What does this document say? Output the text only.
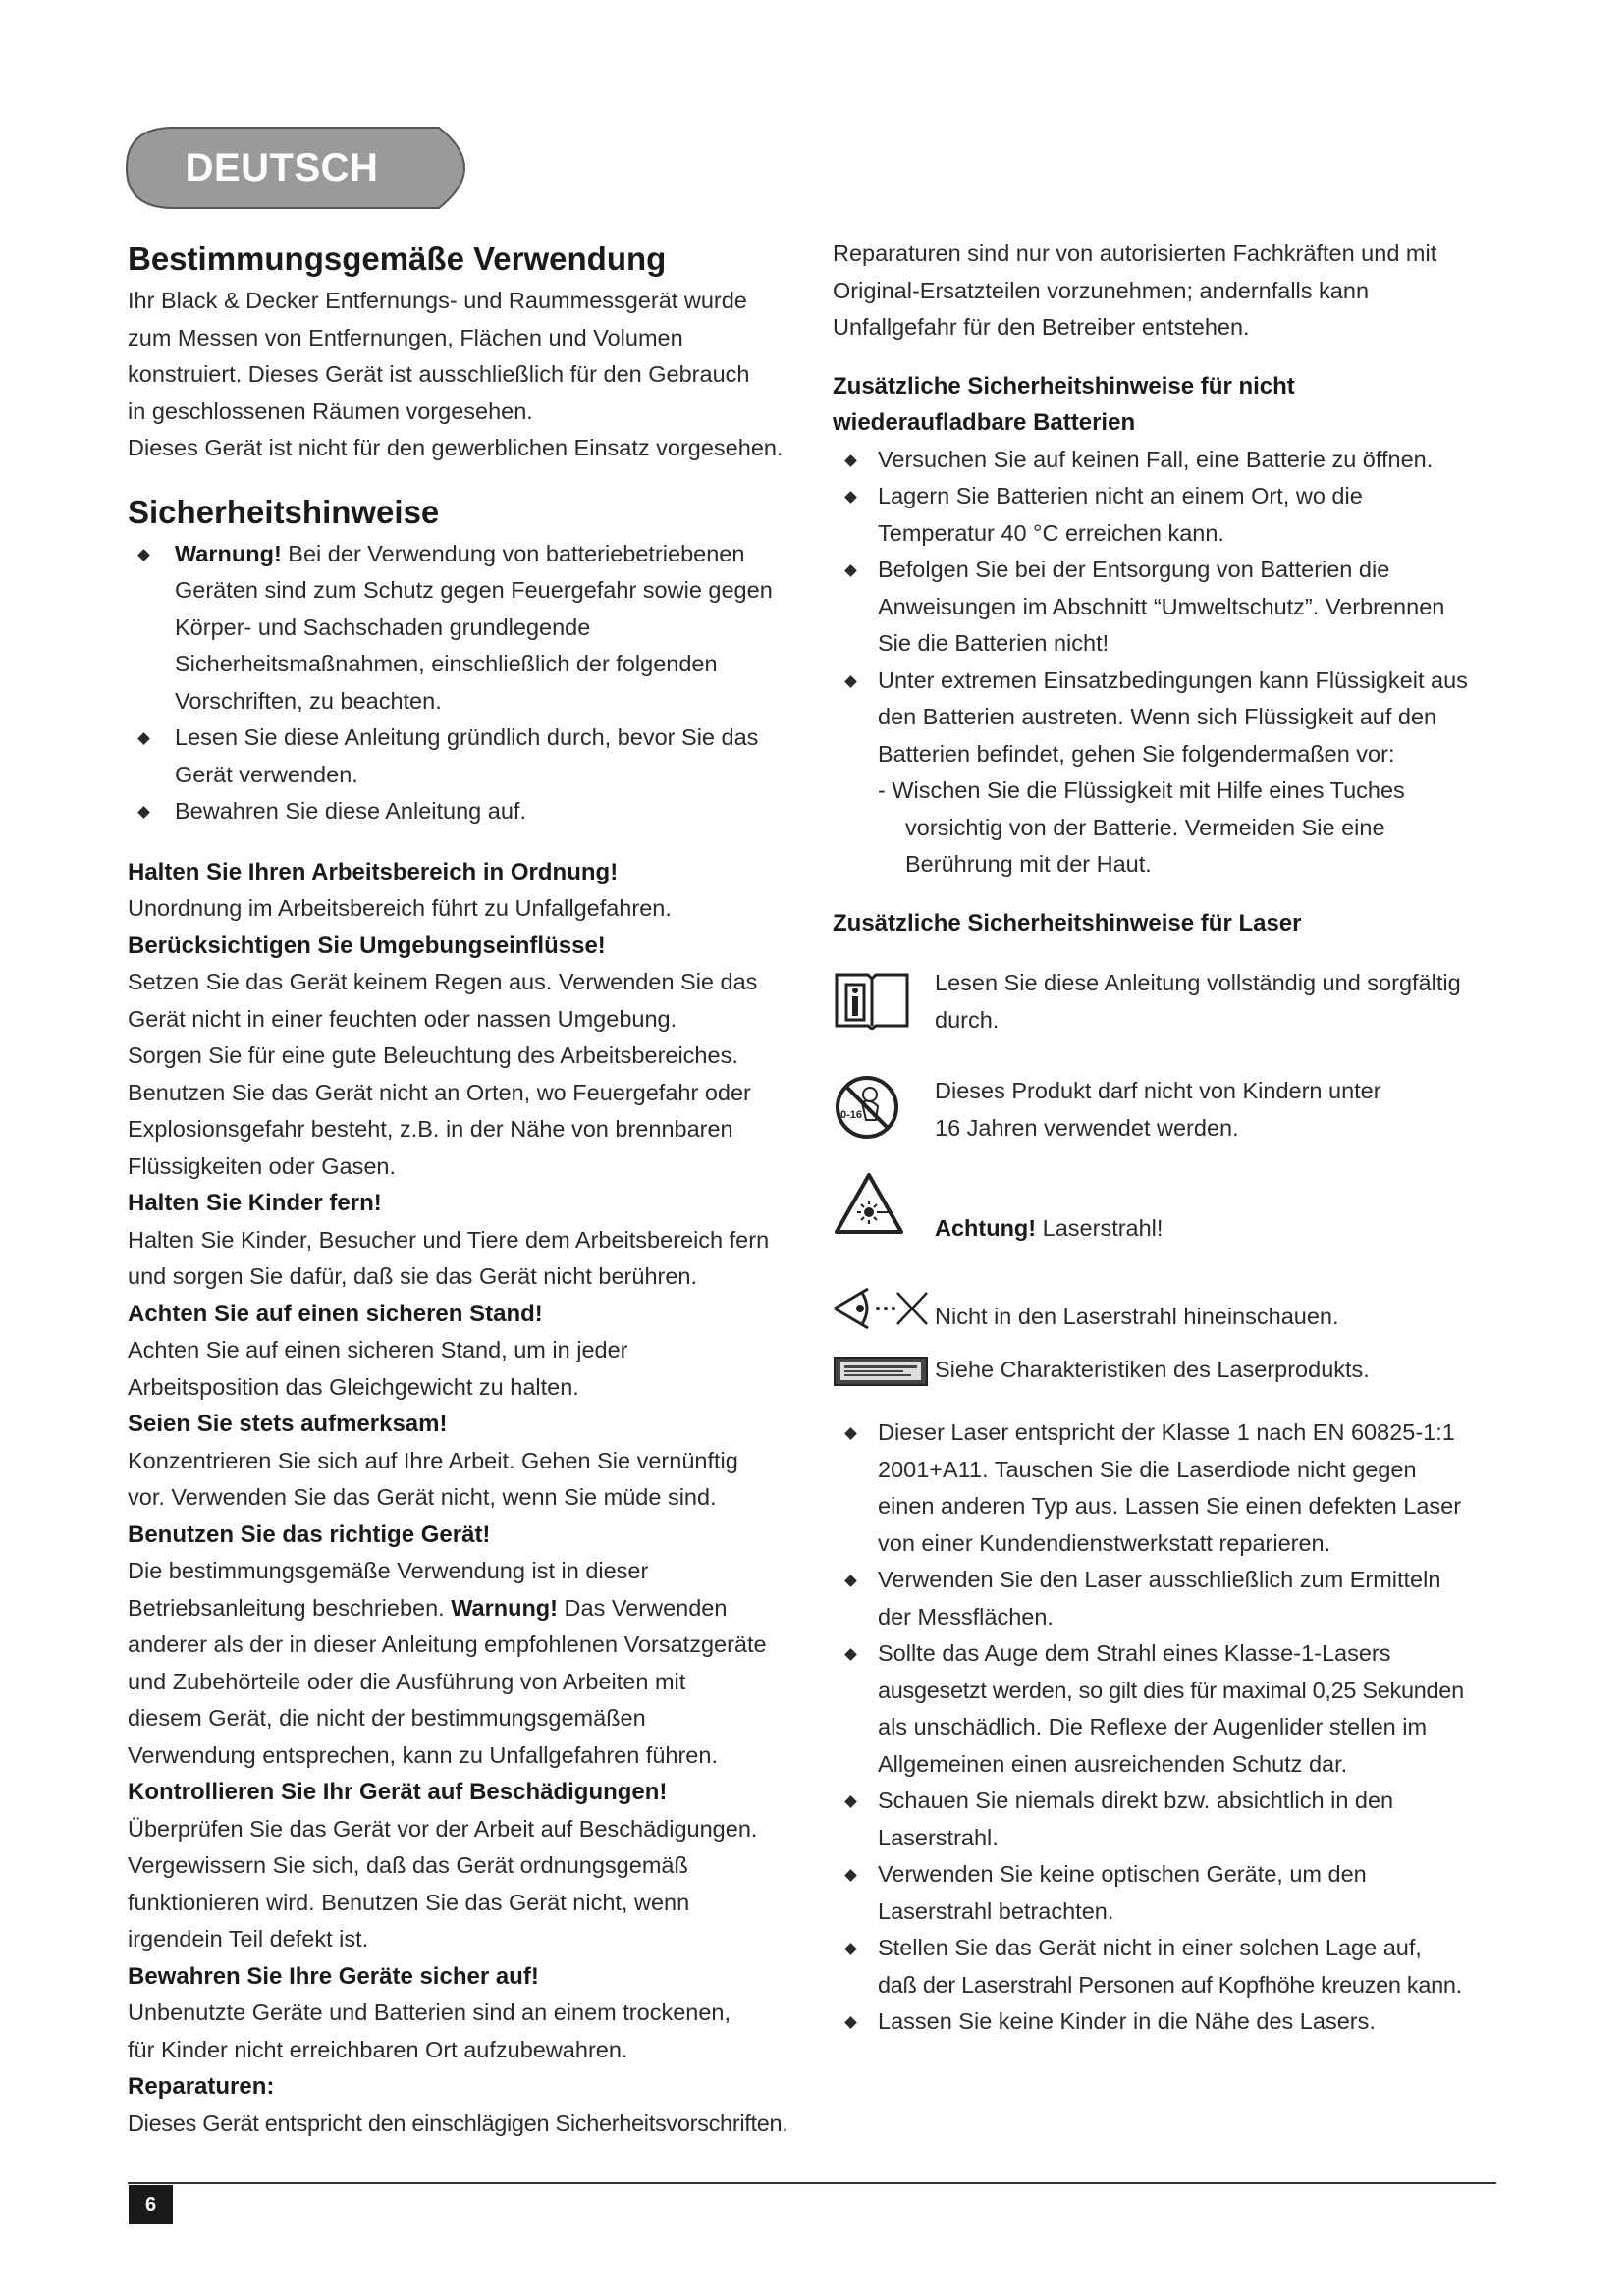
DEUTSCH
Bestimmungsgemäße Verwendung
Ihr Black & Decker Entfernungs- und Raummessgerät wurde
zum Messen von Entfernungen, Flächen und Volumen
konstruiert. Dieses Gerät ist ausschließlich für den Gebrauch
in geschlossenen Räumen vorgesehen.
Dieses Gerät ist nicht für den gewerblichen Einsatz vorgesehen.
Sicherheitshinweise
Warnung! Bei der Verwendung von batteriebetriebenen
Geräten sind zum Schutz gegen Feuergefahr sowie gegen
Körper- und Sachschaden grundlegende
Sicherheitsmaßnahmen, einschließlich der folgenden
Vorschriften, zu beachten.
Lesen Sie diese Anleitung gründlich durch, bevor Sie das
Gerät verwenden.
Bewahren Sie diese Anleitung auf.
Halten Sie Ihren Arbeitsbereich in Ordnung!
Unordnung im Arbeitsbereich führt zu Unfallgefahren.
Berücksichtigen Sie Umgebungseinflüsse!
Setzen Sie das Gerät keinem Regen aus. Verwenden Sie das
Gerät nicht in einer feuchten oder nassen Umgebung.
Sorgen Sie für eine gute Beleuchtung des Arbeitsbereiches.
Benutzen Sie das Gerät nicht an Orten, wo Feuergefahr oder
Explosionsgefahr besteht, z.B. in der Nähe von brennbaren
Flüssigkeiten oder Gasen.
Halten Sie Kinder fern!
Halten Sie Kinder, Besucher und Tiere dem Arbeitsbereich fern
und sorgen Sie dafür, daß sie das Gerät nicht berühren.
Achten Sie auf einen sicheren Stand!
Achten Sie auf einen sicheren Stand, um in jeder
Arbeitsposition das Gleichgewicht zu halten.
Seien Sie stets aufmerksam!
Konzentrieren Sie sich auf Ihre Arbeit. Gehen Sie vernünftig
vor. Verwenden Sie das Gerät nicht, wenn Sie müde sind.
Benutzen Sie das richtige Gerät!
Die bestimmungsgemäße Verwendung ist in dieser
Betriebsanleitung beschrieben. Warnung! Das Verwenden
anderer als der in dieser Anleitung empfohlenen Vorsatzgeräte
und Zubehörteile oder die Ausführung von Arbeiten mit
diesem Gerät, die nicht der bestimmungsgemäßen
Verwendung entsprechen, kann zu Unfallgefahren führen.
Kontrollieren Sie Ihr Gerät auf Beschädigungen!
Überprüfen Sie das Gerät vor der Arbeit auf Beschädigungen.
Vergewissern Sie sich, daß das Gerät ordnungsgemäß
funktionieren wird. Benutzen Sie das Gerät nicht, wenn
irgendein Teil defekt ist.
Bewahren Sie Ihre Geräte sicher auf!
Unbenutzte Geräte und Batterien sind an einem trockenen,
für Kinder nicht erreichbaren Ort aufzubewahren.
Reparaturen:
Dieses Gerät entspricht den einschlägigen Sicherheitsvorschriften.
Reparaturen sind nur von autorisierten Fachkräften und mit
Original-Ersatzteilen vorzunehmen; andernfalls kann
Unfallgefahr für den Betreiber entstehen.
Zusätzliche Sicherheitshinweise für nicht
wiederaufladbare Batterien
Versuchen Sie auf keinen Fall, eine Batterie zu öffnen.
Lagern Sie Batterien nicht an einem Ort, wo die
Temperatur 40 °C erreichen kann.
Befolgen Sie bei der Entsorgung von Batterien die
Anweisungen im Abschnitt “Umweltschutz”. Verbrennen
Sie die Batterien nicht!
Unter extremen Einsatzbedingungen kann Flüssigkeit aus
den Batterien austreten. Wenn sich Flüssigkeit auf den
Batterien befindet, gehen Sie folgendermaßen vor:
- Wischen Sie die Flüssigkeit mit Hilfe eines Tuches
vorsichtig von der Batterie. Vermeiden Sie eine
Berührung mit der Haut.
Zusätzliche Sicherheitshinweise für Laser
Lesen Sie diese Anleitung vollständig und sorgfältig
durch.
0-16
Dieses Produkt darf nicht von Kindern unter
16 Jahren verwendet werden.
Achtung! Laserstrahl!
Nicht in den Laserstrahl hineinschauen.
Siehe Charakteristiken des Laserprodukts.
Dieser Laser entspricht der Klasse 1 nach EN 60825-1:1
2001+A11. Tauschen Sie die Laserdiode nicht gegen
einen anderen Typ aus. Lassen Sie einen defekten Laser
von einer Kundendienstwerkstatt reparieren.
Verwenden Sie den Laser ausschließlich zum Ermitteln
der Messflächen.
Sollte das Auge dem Strahl eines Klasse-1-Lasers
ausgesetzt werden, so gilt dies für maximal 0,25 Sekunden
als unschädlich. Die Reflexe der Augenlider stellen im
Allgemeinen einen ausreichenden Schutz dar.
Schauen Sie niemals direkt bzw. absichtlich in den
Laserstrahl.
Verwenden Sie keine optischen Geräte, um den
Laserstrahl betrachten.
Stellen Sie das Gerät nicht in einer solchen Lage auf,
daß der Laserstrahl Personen auf Kopfhöhe kreuzen kann.
Lassen Sie keine Kinder in die Nähe des Lasers.
6
